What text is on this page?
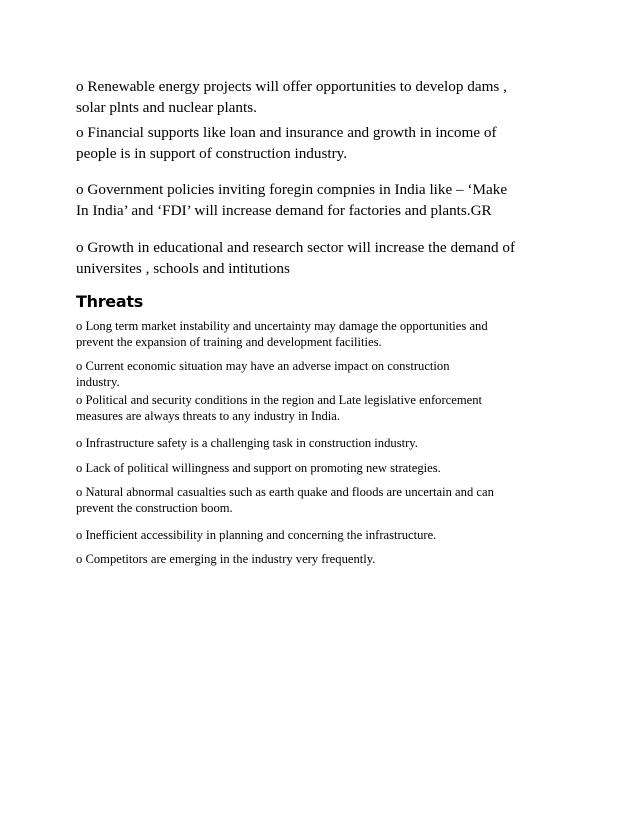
o Renewable energy projects will offer opportunities to develop dams ,
solar plnts and nuclear plants.

o Financial supports like loan and insurance and growth in income of
people is in support of construction industry.

o Government policies inviting foregin compnies in India like – ‘Make
In India’ and ‘FDI’ will increase demand for factories and plants.GR

o Growth in educational and research sector will increase the demand of
universites , schools and intitutions

Threats

o Long term market instability and uncertainty may damage the opportunities and
prevent the expansion of training and development facilities.

o Current economic situation may have an adverse impact on construction
industry.

o Political and security conditions in the region and Late legislative enforcement
measures are always threats to any industry in India.

o Infrastructure safety is a challenging task in construction industry.

o Lack of political willingness and support on promoting new strategies.

o Natural abnormal casualties such as earth quake and floods are uncertain and can
prevent the construction boom.

o Inefficient accessibility in planning and concerning the infrastructure.

o Competitors are emerging in the industry very frequently.
